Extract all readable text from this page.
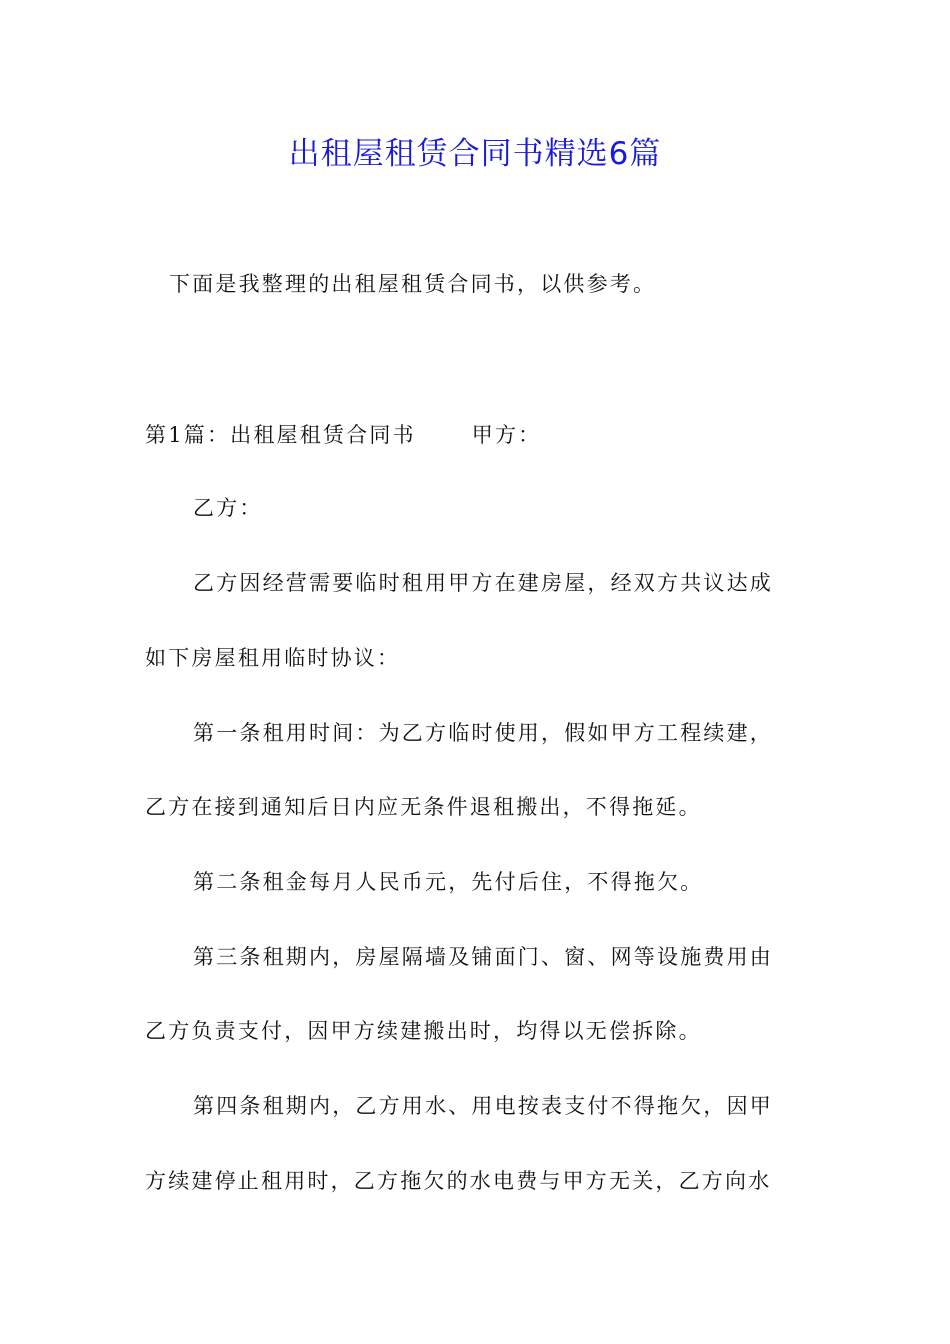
出租屋租赁合同书精选6篇

下面是我整理的出租屋租赁合同书，以供参考。

第1篇：出租屋租赁合同书	甲方：

乙方：

乙方因经营需要临时租用甲方在建房屋，经双方共议达成

如下房屋租用临时协议：

第一条租用时间：为乙方临时使用，假如甲方工程续建，

乙方在接到通知后日内应无条件退租搬出，不得拖延。

第二条租金每月人民币元，先付后住，不得拖欠。

第三条租期内，房屋隔墙及铺面门、窗、网等设施费用由

乙方负责支付，因甲方续建搬出时，均得以无偿拆除。

第四条租期内，乙方用水、用电按表支付不得拖欠，因甲

方续建停止租用时，乙方拖欠的水电费与甲方无关，乙方向水
